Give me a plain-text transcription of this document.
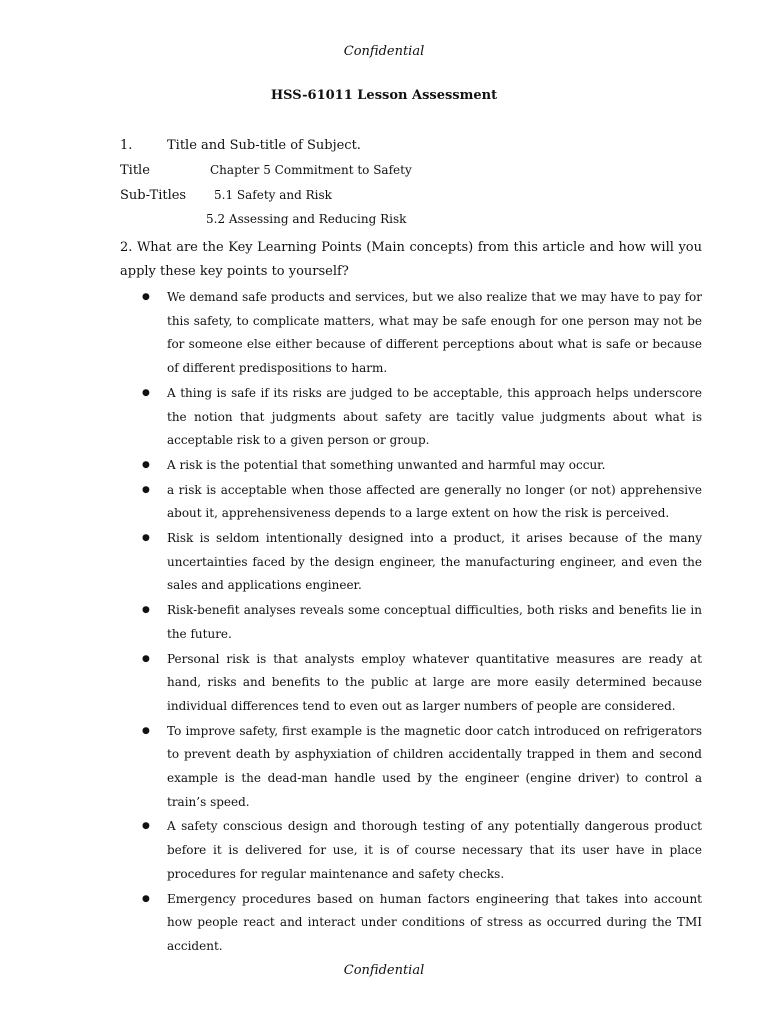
Confidential
HSS-61011 Lesson Assessment
1.	Title and Sub-title of Subject.
Title	Chapter 5 Commitment to Safety
Sub-Titles 5.1 Safety and Risk
5.2 Assessing and Reducing Risk
2. What are the Key Learning Points (Main concepts) from this article and how will you apply these key points to yourself?
● We demand safe products and services, but we also realize that we may have to pay for this safety, to complicate matters, what may be safe enough for one person may not be for someone else either because of different perceptions about what is safe or because of different predispositions to harm.
● A thing is safe if its risks are judged to be acceptable, this approach helps underscore the notion that judgments about safety are tacitly value judgments about what is acceptable risk to a given person or group.
● A risk is the potential that something unwanted and harmful may occur.
● a risk is acceptable when those affected are generally no longer (or not) apprehensive about it, apprehensiveness depends to a large extent on how the risk is perceived.
● Risk is seldom intentionally designed into a product, it arises because of the many uncertainties faced by the design engineer, the manufacturing engineer, and even the sales and applications engineer.
● Risk-benefit analyses reveals some conceptual difficulties, both risks and benefits lie in the future.
● Personal risk is that analysts employ whatever quantitative measures are ready at hand, risks and benefits to the public at large are more easily determined because individual differences tend to even out as larger numbers of people are considered.
● To improve safety, first example is the magnetic door catch introduced on refrigerators to prevent death by asphyxiation of children accidentally trapped in them and second example is the dead-man handle used by the engineer (engine driver) to control a train’s speed.
● A safety conscious design and thorough testing of any potentially dangerous product before it is delivered for use, it is of course necessary that its user have in place procedures for regular maintenance and safety checks.
● Emergency procedures based on human factors engineering that takes into account how people react and interact under conditions of stress as occurred during the TMI accident.
Confidential
